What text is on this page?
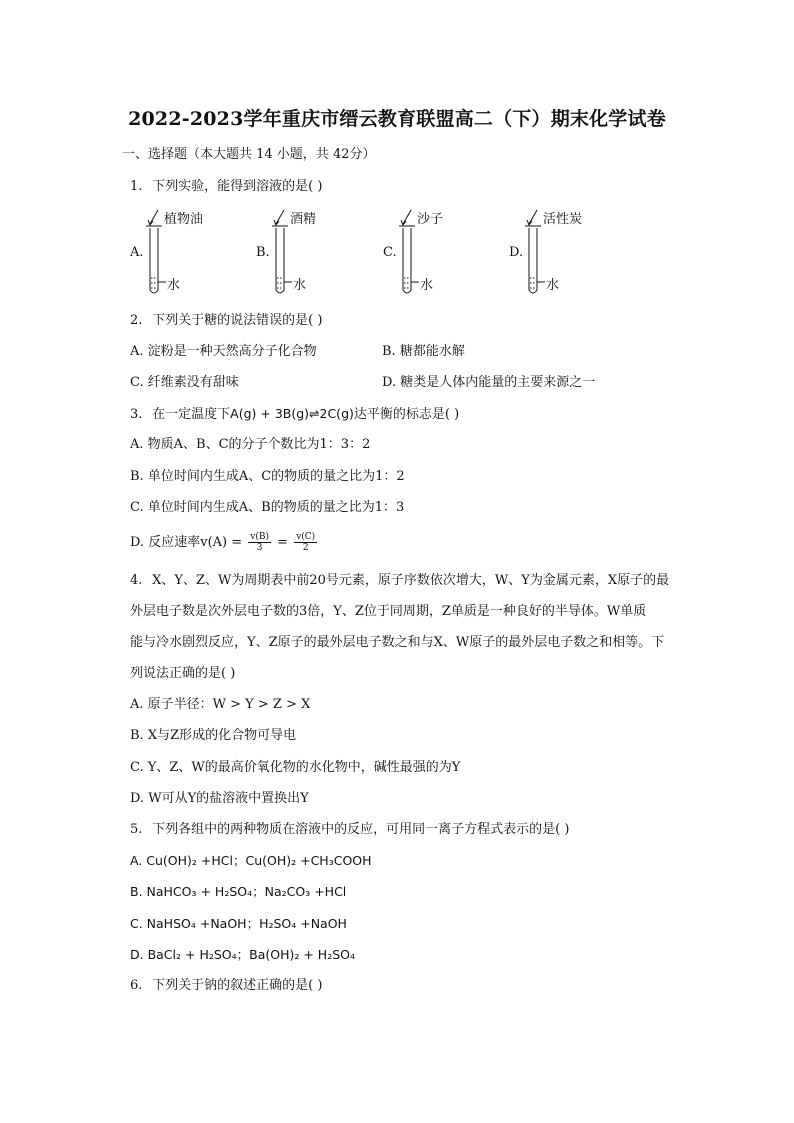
2022-2023学年重庆市缙云教育联盟高二（下）期末化学试卷
一、选择题（本大题共 14 小题，共 42分）
1. 下列实验，能得到溶液的是( )
A.
植物油
水
B.
酒精
水
C.
沙子
水
D.
活性炭
水
2. 下列关于糖的说法错误的是( )
A. 淀粉是一种天然高分子化合物	B. 糖都能水解
C. 纤维素没有甜味	D. 糖类是人体内能量的主要来源之一
3. 在一定温度下A(g) + 3B(g)⇌2C(g)达平衡的标志是( )
A. 物质A、B、C的分子个数比为1：3：2
B. 单位时间内生成A、C的物质的量之比为1：2
C. 单位时间内生成A、B的物质的量之比为1：3
D. 反应速率$v(A) = \frac{v(B)}{3} = \frac{v(C)}{2}$
4. X、Y、Z、W为周期表中前20号元素，原子序数依次增大，W、Y为金属元素，X原子的最
外层电子数是次外层电子数的3倍，Y、Z位于同周期，Z单质是一种良好的半导体。W单质
能与冷水剧烈反应，Y、Z原子的最外层电子数之和与X、W原子的最外层电子数之和相等。下
列说法正确的是( )
A. 原子半径：W > Y > Z > X
B. X与Z形成的化合物可导电
C. Y、Z、W的最高价氧化物的水化物中，碱性最强的为Y
D. W可从Y的盐溶液中置换出Y
5. 下列各组中的两种物质在溶液中的反应，可用同一离子方程式表示的是( )
A. Cu(OH)₂ +HCl；Cu(OH)₂ +CH₃COOH
B. NaHCO₃ + H₂SO₄；Na₂CO₃ +HCl
C. NaHSO₄ +NaOH；H₂SO₄ +NaOH
D. BaCl₂ + H₂SO₄；Ba(OH)₂ + H₂SO₄
6. 下列关于钠的叙述正确的是( )
